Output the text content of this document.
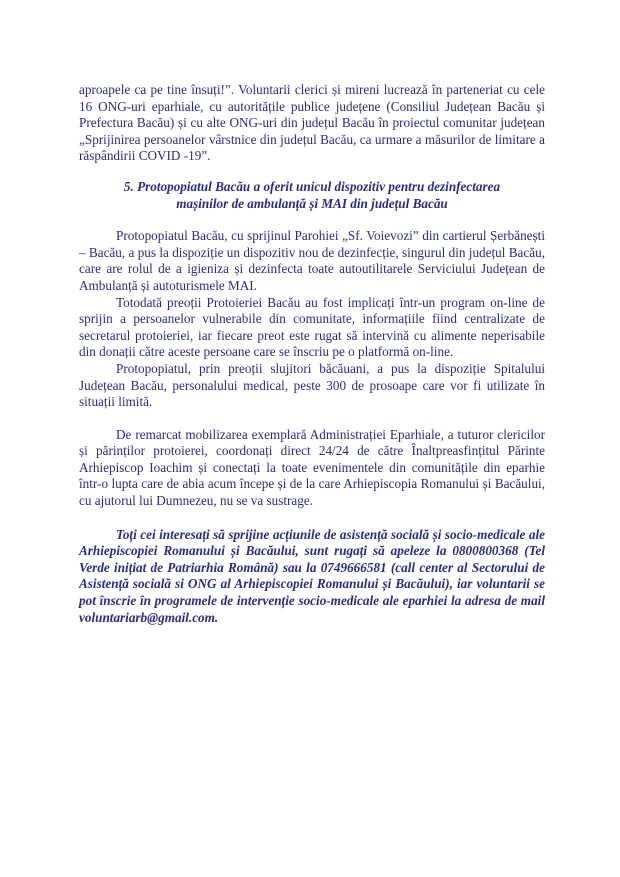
aproapele ca pe tine însuți!”. Voluntarii clerici și mireni lucrează în parteneriat cu cele 16 ONG-uri eparhiale, cu autoritățile publice județene (Consiliul Județean Bacău și Prefectura Bacău) și cu alte ONG-uri din județul Bacău în proiectul comunitar județean „Sprijinirea persoanelor vârstnice din județul Bacău, ca urmare a măsurilor de limitare a răspândirii COVID -19”.

5. Protopopiatul Bacău a oferit unicul dispozitiv pentru dezinfectarea mașinilor de ambulanță și MAI din județul Bacău

Protopopiatul Bacău, cu sprijinul Parohiei „Sf. Voievozi” din cartierul Șerbănești – Bacău, a pus la dispoziție un dispozitiv nou de dezinfecție, singurul din județul Bacău, care are rolul de a igieniza și dezinfecta toate autoutilitarele Serviciului Județean de Ambulanță și autoturismele MAI.

Totodată preoții Protoieriei Bacău au fost implicați într-un program on-line de sprijin a persoanelor vulnerabile din comunitate, informațiile fiind centralizate de secretarul protoieriei, iar fiecare preot este rugat să intervină cu alimente neperisabile din donații către aceste persoane care se înscriu pe o platformă on-line.

Protopopiatul, prin preoții slujitori băcăuani, a pus la dispoziție Spitalului Județean Bacău, personalului medical, peste 300 de prosoape care vor fi utilizate în situații limită.

De remarcat mobilizarea exemplară Administrației Eparhiale, a tuturor clericilor și părinților protoierei, coordonați direct 24/24 de către Înaltpreasfințitul Părinte Arhiepiscop Ioachim și conectați la toate evenimentele din comunitățile din eparhie într-o lupta care de abia acum începe și de la care Arhiepiscopia Romanului și Bacăului, cu ajutorul lui Dumnezeu, nu se va sustrage.

Toți cei interesați să sprijine acțiunile de asistență socială și socio-medicale ale Arhiepiscopiei Romanului și Bacăului, sunt rugați să apeleze la 0800800368 (Tel Verde inițiat de Patriarhia Română) sau la 0749666581 (call center al Sectorului de Asistență socială si ONG al Arhiepiscopiei Romanului și Bacăului), iar voluntarii se pot înscrie în programele de intervenție socio-medicale ale eparhiei la adresa de mail voluntariarb@gmail.com.
